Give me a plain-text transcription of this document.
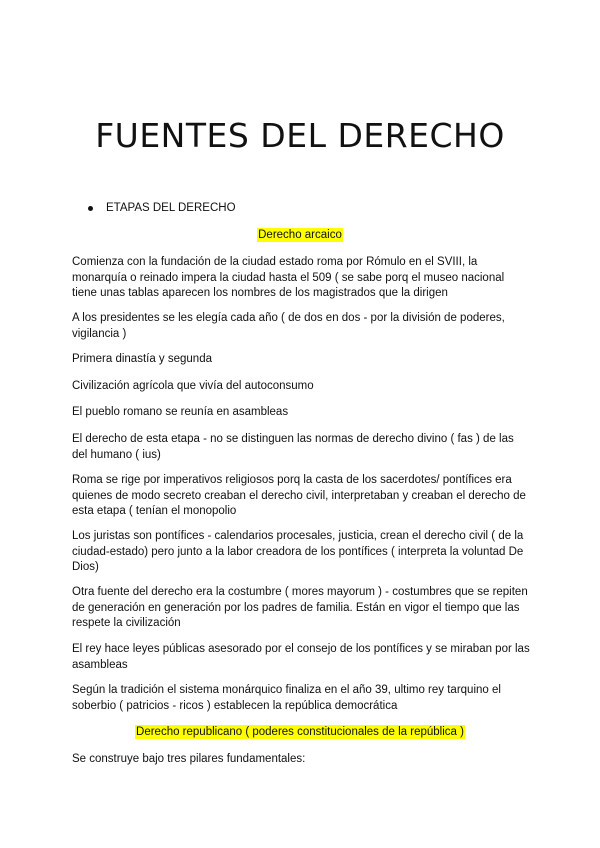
FUENTES DEL DERECHO
ETAPAS DEL DERECHO
Derecho arcaico

Comienza con la fundación de la ciudad estado roma por Rómulo en el SVIII, la monarquía o reinado impera la ciudad hasta el 509 ( se sabe porq el museo nacional tiene unas tablas aparecen los nombres de los magistrados que la dirigen

A los presidentes se les elegía cada año ( de dos en dos - por la división de poderes, vigilancia )

Primera dinastía y segunda

Civilización agrícola que vivía del autoconsumo

El pueblo romano se reunía en asambleas

El derecho de esta etapa - no se distinguen las normas de derecho divino ( fas ) de las del humano ( ius)

Roma se rige por imperativos religiosos porq la casta de los sacerdotes/ pontífices era quienes de modo secreto creaban el derecho civil, interpretaban y creaban el derecho de esta etapa ( tenían el monopolio

Los juristas son pontífices - calendarios procesales, justicia, crean el derecho civil ( de la ciudad-estado) pero junto a la labor creadora de los pontífices ( interpreta la voluntad De Dios)

Otra fuente del derecho era la costumbre ( mores mayorum ) - costumbres que se repiten de generación en generación por los padres de familia. Están en vigor el tiempo que las respete la civilización

El rey hace leyes públicas asesorado por el consejo de los pontífices y se miraban por las asambleas

Según la tradición el sistema monárquico finaliza en el año 39, ultimo rey tarquino el soberbio ( patricios - ricos ) establecen la república democrática

Derecho republicano ( poderes constitucionales de la república )

Se construye bajo tres pilares fundamentales:
